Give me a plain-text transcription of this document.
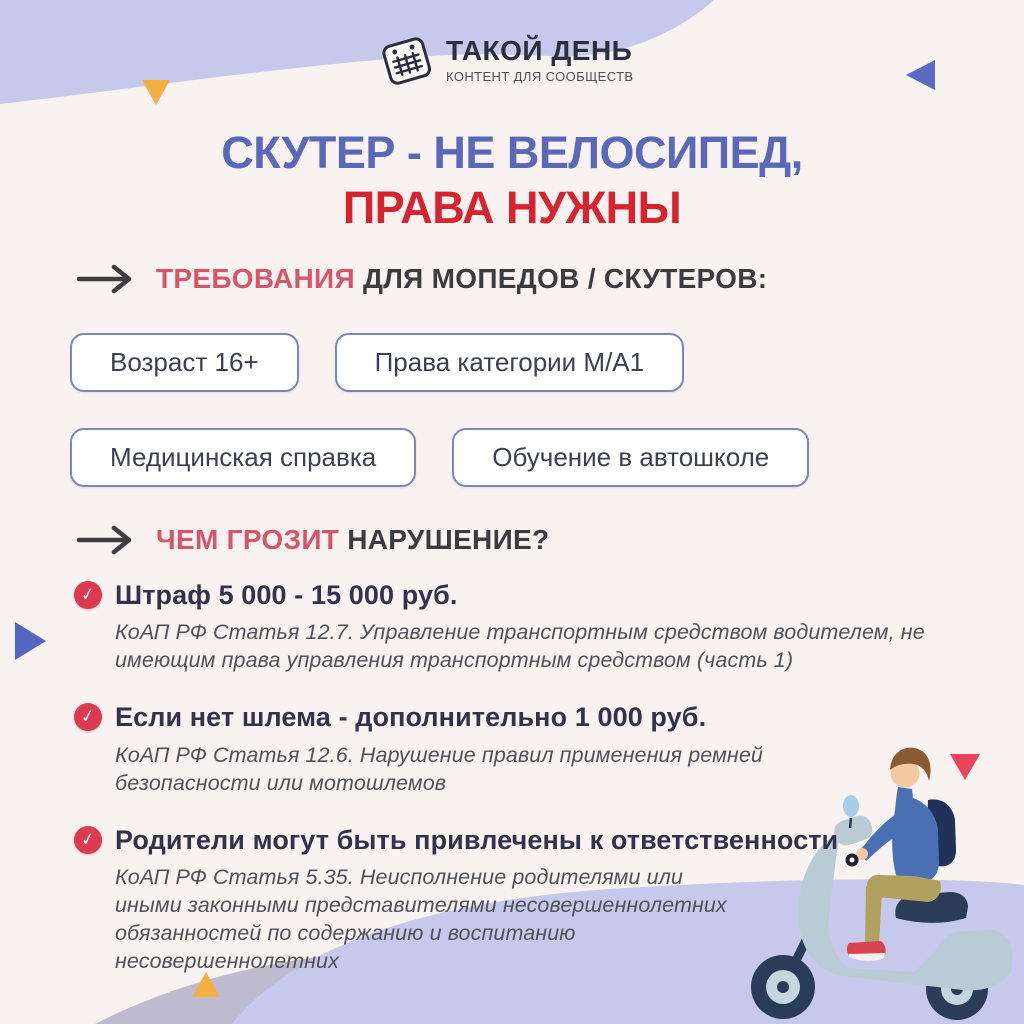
ТАКОЙ ДЕНЬ
КОНТЕНТ ДЛЯ СООБЩЕСТВ
СКУТЕР - НЕ ВЕЛОСИПЕД,
ПРАВА НУЖНЫ
ТРЕБОВАНИЯ ДЛЯ МОПЕДОВ / СКУТЕРОВ:
Возраст 16+	Права категории М/А1
Медицинская справка	Обучение в автошколе
ЧЕМ ГРОЗИТ НАРУШЕНИЕ?
✓ Штраф 5 000 - 15 000 руб.
КоАП РФ Статья 12.7. Управление транспортным средством водителем, не имеющим права управления транспортным средством (часть 1)
✓ Если нет шлема - дополнительно 1 000 руб.
КоАП РФ Статья 12.6. Нарушение правил применения ремней безопасности или мотошлемов
✓ Родители могут быть привлечены к ответственности
КоАП РФ Статья 5.35. Неисполнение родителями или иными законными представителями несовершеннолетних обязанностей по содержанию и воспитанию несовершеннолетних
